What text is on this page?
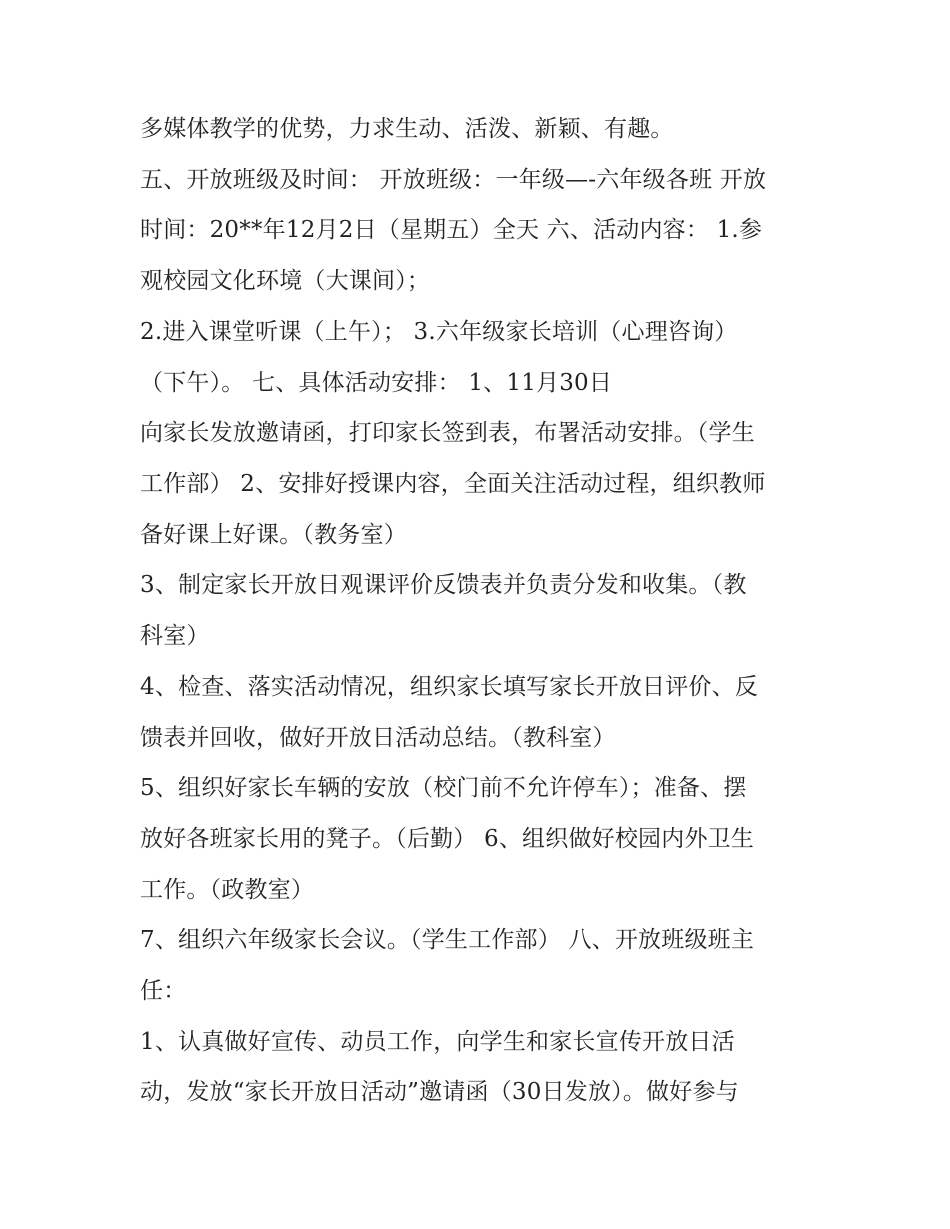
多媒体教学的优势，力求生动、活泼、新颖、有趣。

五、开放班级及时间： 开放班级：一年级—-六年级各班 开放

时间：20**年12月2日（星期五）全天 六、活动内容： 1.参

观校园文化环境（大课间）；

2.进入课堂听课（上午）； 3.六年级家长培训（心理咨询）

（下午）。 七、具体活动安排： 1、11月30日

向家长发放邀请函，打印家长签到表，布署活动安排。（学生

工作部） 2、安排好授课内容，全面关注活动过程，组织教师

备好课上好课。（教务室）

3、制定家长开放日观课评价反馈表并负责分发和收集。（教

科室）

4、检查、落实活动情况，组织家长填写家长开放日评价、反

馈表并回收，做好开放日活动总结。（教科室）

5、组织好家长车辆的安放（校门前不允许停车）；准备、摆

放好各班家长用的凳子。（后勤） 6、组织做好校园内外卫生

工作。（政教室）

7、组织六年级家长会议。（学生工作部） 八、开放班级班主

任：

1、认真做好宣传、动员工作，向学生和家长宣传开放日活

动，发放“家长开放日活动”邀请函（30日发放）。做好参与
